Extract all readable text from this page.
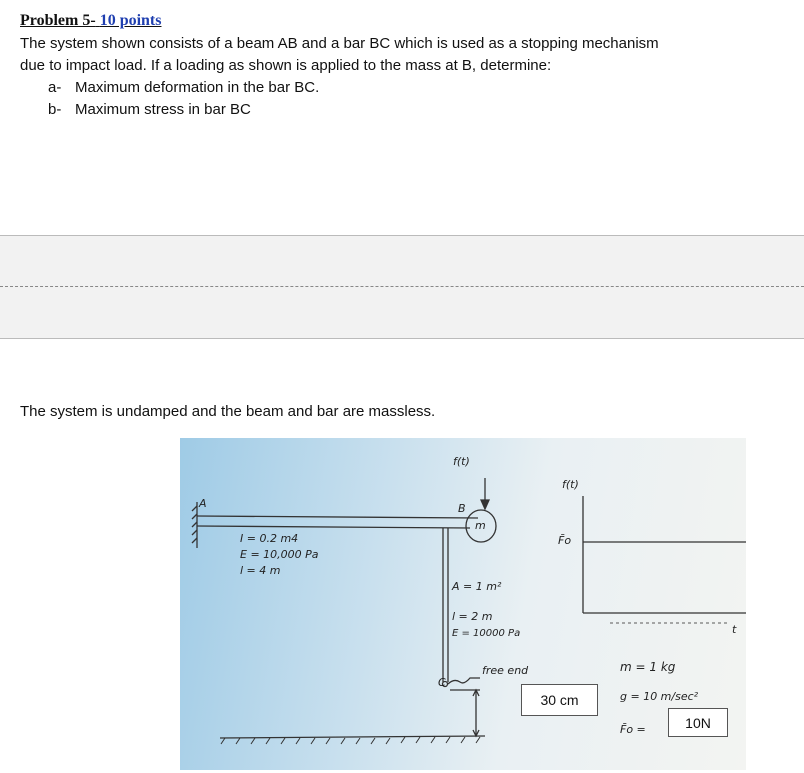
Problem 5- 10 points
The system shown consists of a beam AB and a bar BC which is used as a stopping mechanism
due to impact load. If a loading as shown is applied to the mass at B, determine:
a- Maximum deformation in the bar BC.
b- Maximum stress in bar BC
The system is undamped and the beam and bar are massless.
A	B
m
f(t)
I = 0.2 m4
E = 10,000 Pa
l = 4 m
A = 1 m²
l = 2 m
E = 10000 Pa
C
free end
f(t)
F̄o
t
m = 1 kg
g = 10 m/sec²
F̄o =
30 cm
10N
